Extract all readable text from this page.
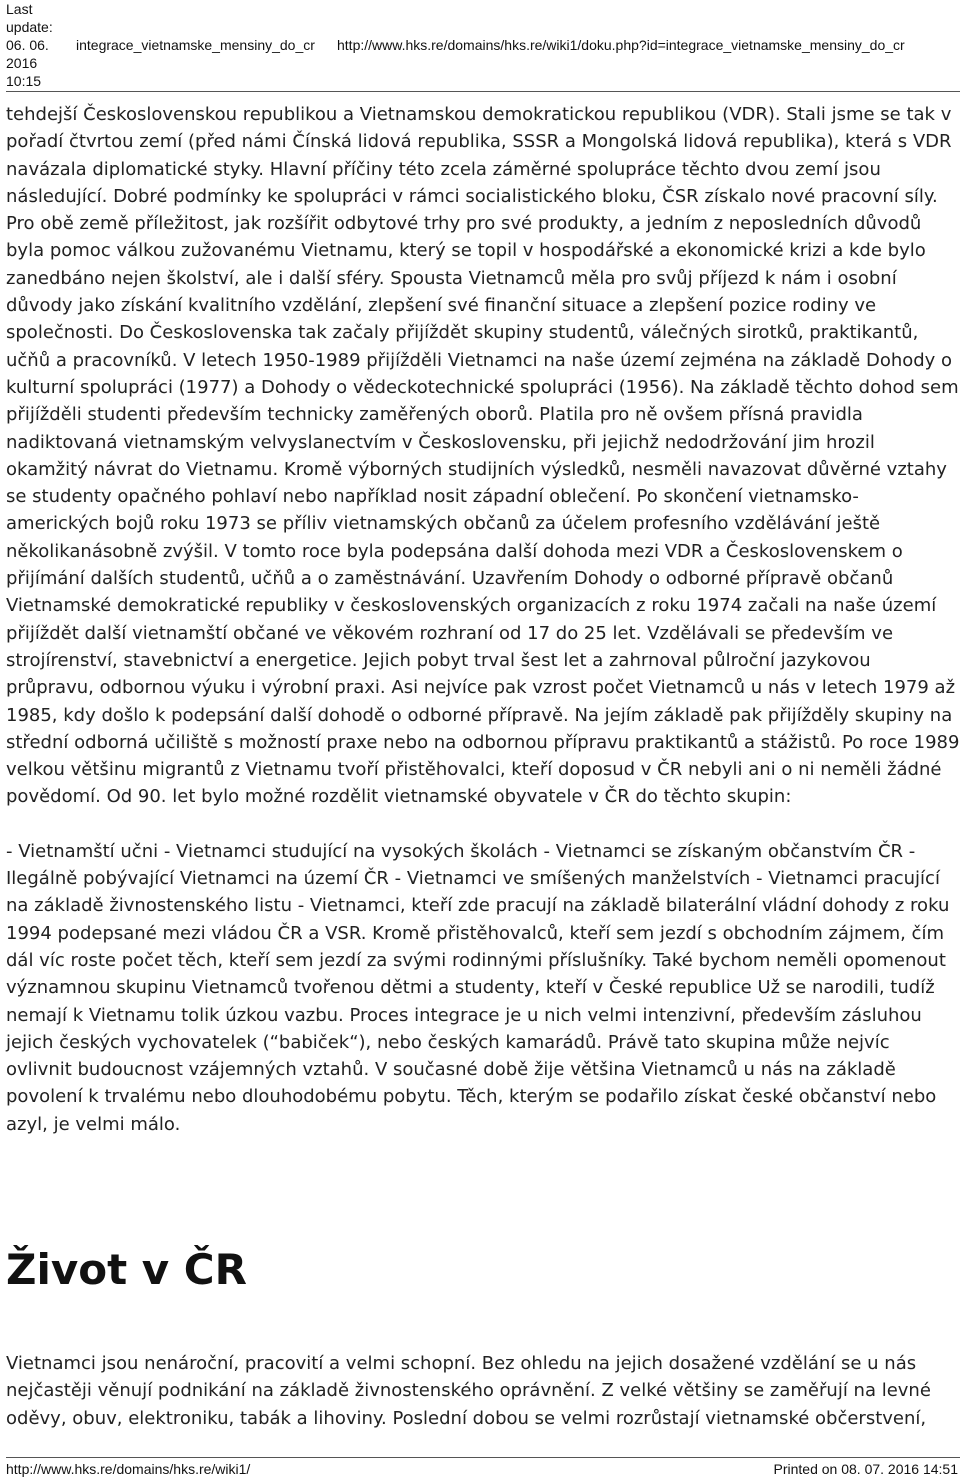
Last
update:
06. 06.
2016
10:15
integrace_vietnamske_mensiny_do_cr http://www.hks.re/domains/hks.re/wiki1/doku.php?id=integrace_vietnamske_mensiny_do_cr

tehdejší Československou republikou a Vietnamskou demokratickou republikou (VDR). Stali jsme se tak v pořadí čtvrtou zemí (před námi Čínská lidová republika, SSSR a Mongolská lidová republika), která s VDR navázala diplomatické styky. Hlavní příčiny této zcela záměrné spolupráce těchto dvou zemí jsou následující. Dobré podmínky ke spolupráci v rámci socialistického bloku, ČSR získalo nové pracovní síly. Pro obě země příležitost, jak rozšířit odbytové trhy pro své produkty, a jedním z neposledních důvodů byla pomoc válkou zužovanému Vietnamu, který se topil v hospodářské a ekonomické krizi a kde bylo zanedbáno nejen školství, ale i další sféry. Spousta Vietnamců měla pro svůj příjezd k nám i osobní důvody jako získání kvalitního vzdělání, zlepšení své finanční situace a zlepšení pozice rodiny ve společnosti. Do Československa tak začaly přijíždět skupiny studentů, válečných sirotků, praktikantů, učňů a pracovníků. V letech 1950-1989 přijížděli Vietnamci na naše území zejména na základě Dohody o kulturní spolupráci (1977) a Dohody o vědeckotechnické spolupráci (1956). Na základě těchto dohod sem přijížděli studenti především technicky zaměřených oborů. Platila pro ně ovšem přísná pravidla nadiktovaná vietnamským velvyslanectvím v Československu, při jejichž nedodržování jim hrozil okamžitý návrat do Vietnamu. Kromě výborných studijních výsledků, nesměli navazovat důvěrné vztahy se studenty opačného pohlaví nebo například nosit západní oblečení. Po skončení vietnamsko-amerických bojů roku 1973 se příliv vietnamských občanů za účelem profesního vzdělávání ještě několikanásobně zvýšil. V tomto roce byla podepsána další dohoda mezi VDR a Československem o přijímání dalších studentů, učňů a o zaměstnávání. Uzavřením Dohody o odborné přípravě občanů Vietnamské demokratické republiky v československých organizacích z roku 1974 začali na naše území přijíždět další vietnamští občané ve věkovém rozhraní od 17 do 25 let. Vzdělávali se především ve strojírenství, stavebnictví a energetice. Jejich pobyt trval šest let a zahrnoval půlroční jazykovou průpravu, odbornou výuku i výrobní praxi. Asi nejvíce pak vzrost počet Vietnamců u nás v letech 1979 až 1985, kdy došlo k podepsání další dohodě o odborné přípravě. Na jejím základě pak přijížděly skupiny na střední odborná učiliště s možností praxe nebo na odbornou přípravu praktikantů a stážistů. Po roce 1989 velkou většinu migrantů z Vietnamu tvoří přistěhovalci, kteří doposud v ČR nebyli ani o ni neměli žádné povědomí. Od 90. let bylo možné rozdělit vietnamské obyvatele v ČR do těchto skupin:

- Vietnamští učni - Vietnamci studující na vysokých školách - Vietnamci se získaným občanstvím ČR - Ilegálně pobývající Vietnamci na území ČR - Vietnamci ve smíšených manželstvích - Vietnamci pracující na základě živnostenského listu - Vietnamci, kteří zde pracují na základě bilaterální vládní dohody z roku 1994 podepsané mezi vládou ČR a VSR. Kromě přistěhovalců, kteří sem jezdí s obchodním zájmem, čím dál víc roste počet těch, kteří sem jezdí za svými rodinnými příslušníky. Také bychom neměli opomenout významnou skupinu Vietnamců tvořenou dětmi a studenty, kteří v České republice Už se narodili, tudíž nemají k Vietnamu tolik úzkou vazbu. Proces integrace je u nich velmi intenzivní, především zásluhou jejich českých vychovatelek (“babiček“), nebo českých kamarádů. Právě tato skupina může nejvíc ovlivnit budoucnost vzájemných vztahů. V současné době žije většina Vietnamců u nás na základě povolení k trvalému nebo dlouhodobému pobytu. Těch, kterým se podařilo získat české občanství nebo azyl, je velmi málo.

Život v ČR

Vietnamci jsou nenároční, pracovití a velmi schopní. Bez ohledu na jejich dosažené vzdělání se u nás nejčastěji věnují podnikání na základě živnostenského oprávnění. Z velké většiny se zaměřují na levné oděvy, obuv, elektroniku, tabák a lihoviny. Poslední dobou se velmi rozrůstají vietnamské občerstvení,

http://www.hks.re/domains/hks.re/wiki1/	Printed on 08. 07. 2016 14:51
